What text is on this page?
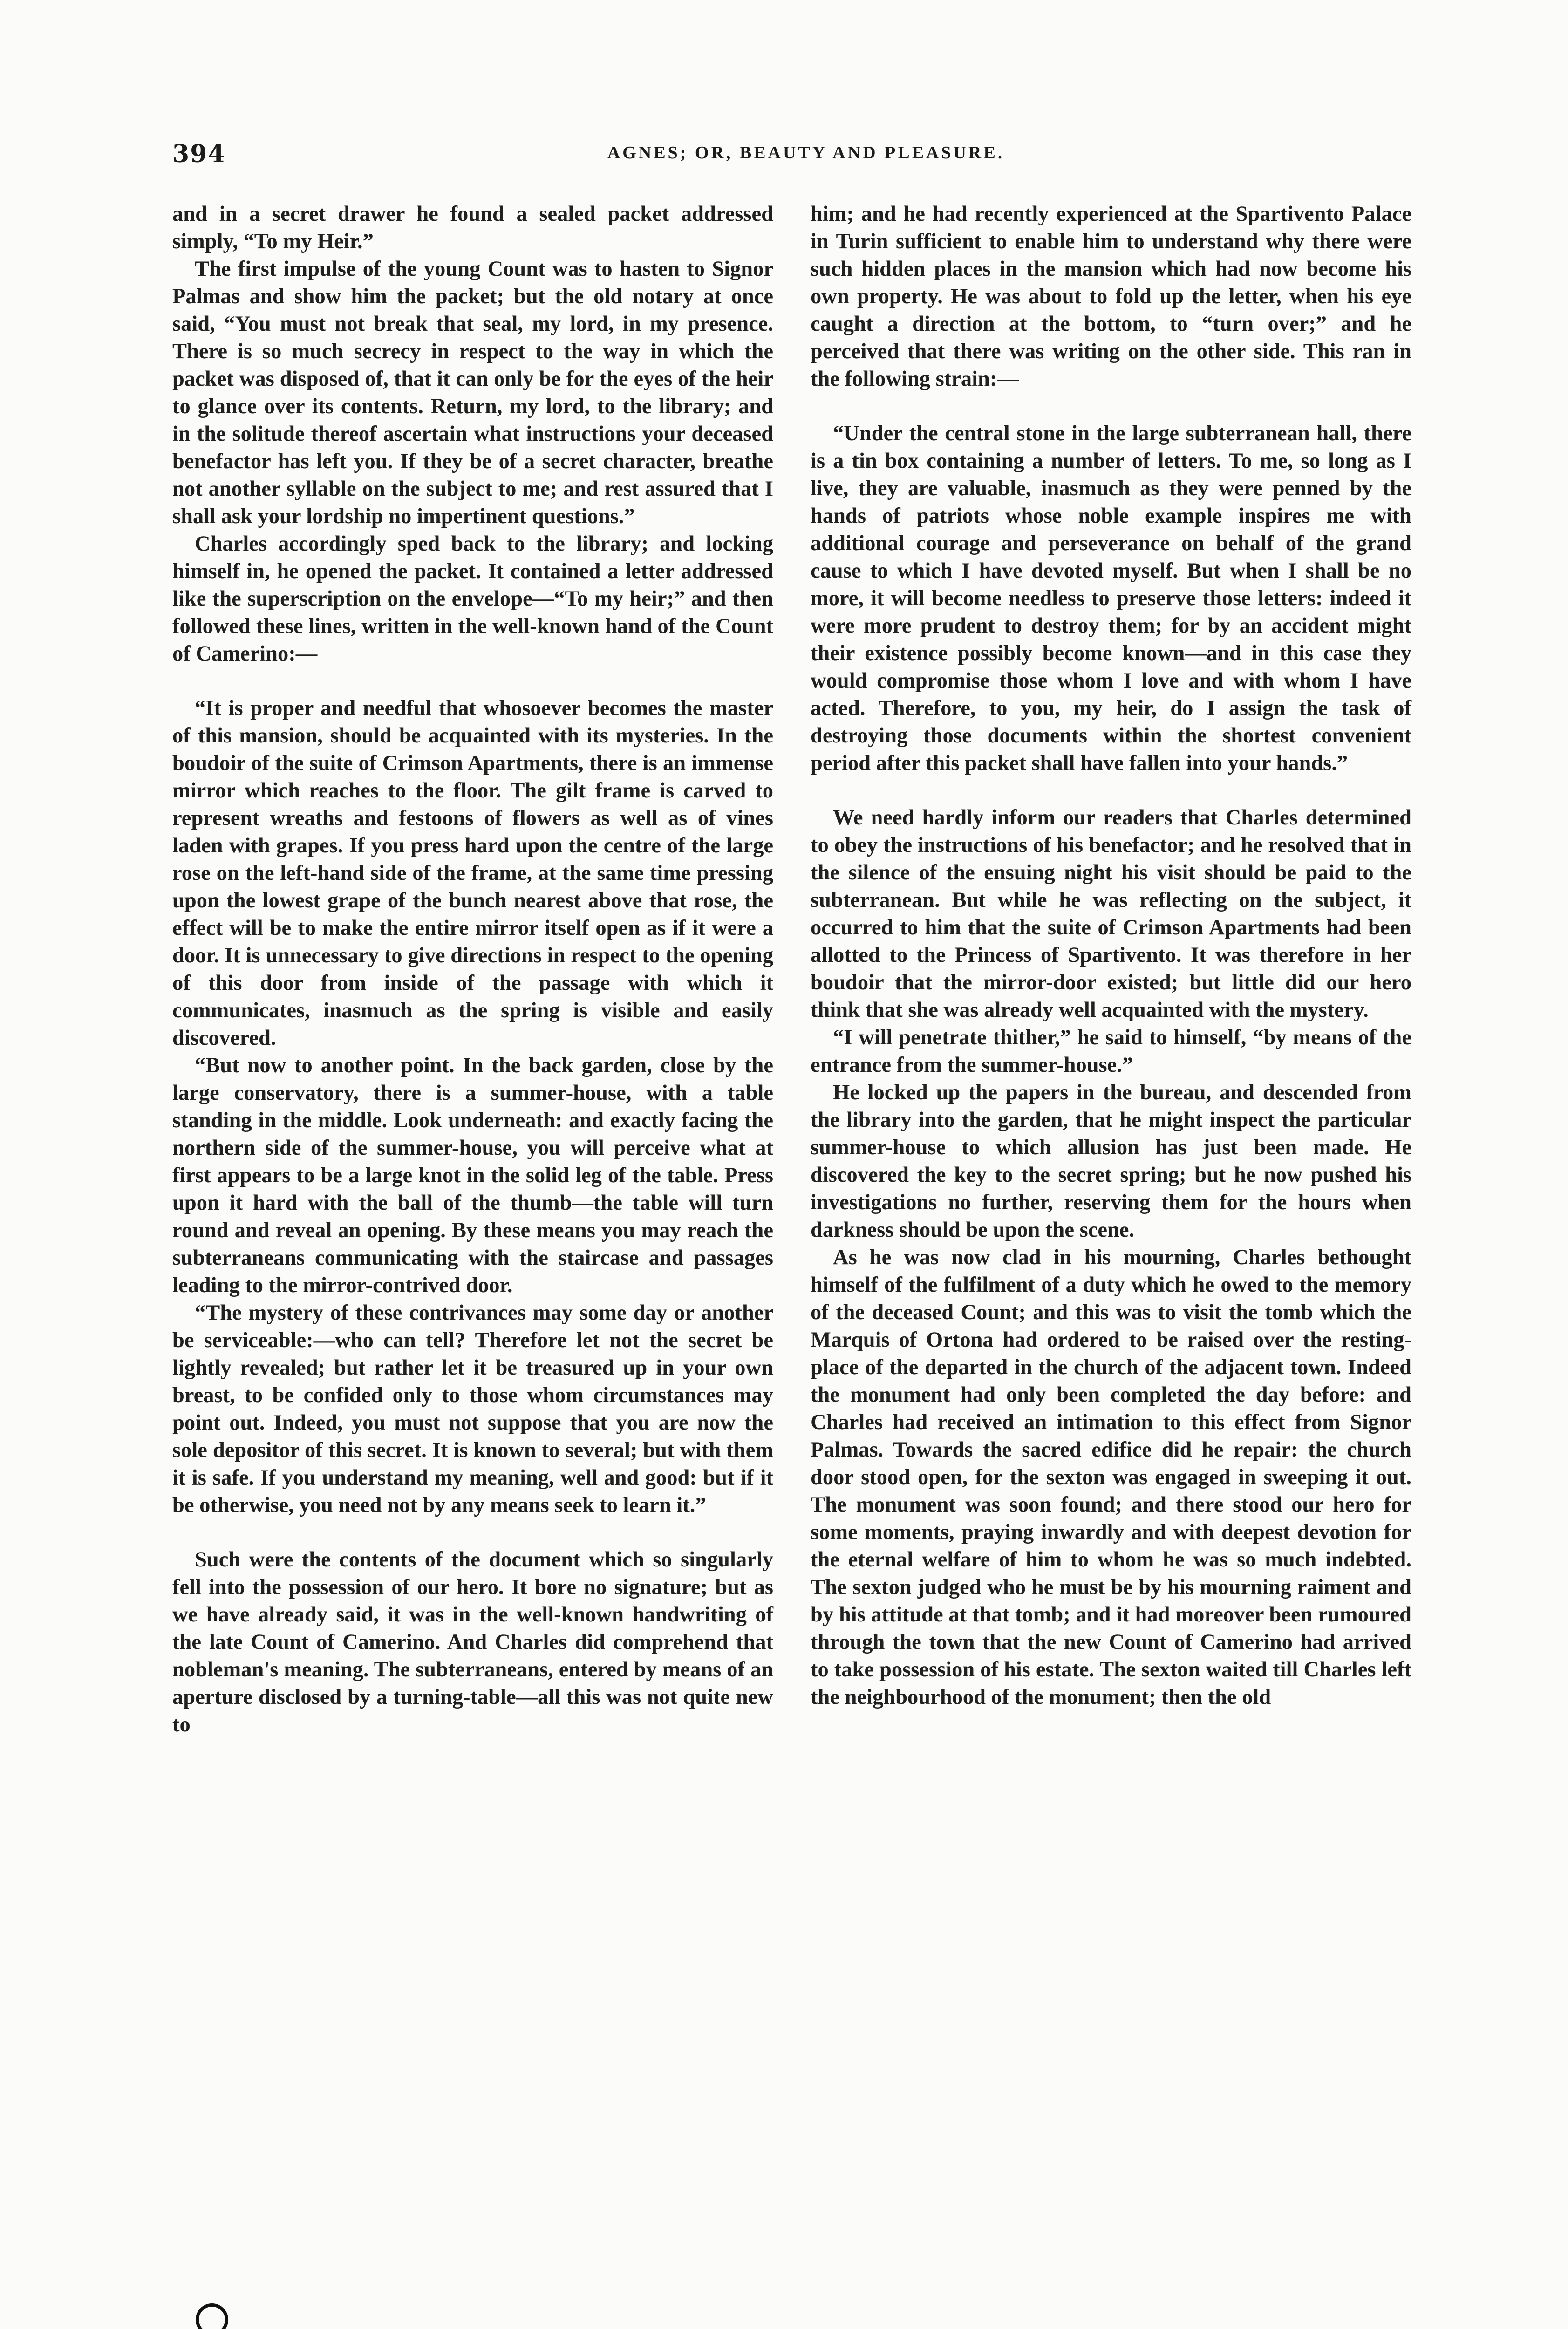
394	AGNES; OR, BEAUTY AND PLEASURE.

and in a secret drawer he found a sealed packet addressed simply, “To my Heir.”

The first impulse of the young Count was to hasten to Signor Palmas and show him the packet; but the old notary at once said, “You must not break that seal, my lord, in my presence. There is so much secrecy in respect to the way in which the packet was disposed of, that it can only be for the eyes of the heir to glance over its contents. Return, my lord, to the library; and in the solitude thereof ascertain what instructions your deceased benefactor has left you. If they be of a secret character, breathe not another syllable on the subject to me; and rest assured that I shall ask your lordship no impertinent questions.”

Charles accordingly sped back to the library; and locking himself in, he opened the packet. It contained a letter addressed like the superscription on the envelope—“To my heir;” and then followed these lines, written in the well-known hand of the Count of Camerino:—

“It is proper and needful that whosoever becomes the master of this mansion, should be acquainted with its mysteries. In the boudoir of the suite of Crimson Apartments, there is an immense mirror which reaches to the floor. The gilt frame is carved to represent wreaths and festoons of flowers as well as of vines laden with grapes. If you press hard upon the centre of the large rose on the left-hand side of the frame, at the same time pressing upon the lowest grape of the bunch nearest above that rose, the effect will be to make the entire mirror itself open as if it were a door. It is unnecessary to give directions in respect to the opening of this door from inside of the passage with which it communicates, inasmuch as the spring is visible and easily discovered.

“But now to another point. In the back garden, close by the large conservatory, there is a summer-house, with a table standing in the middle. Look underneath: and exactly facing the northern side of the summer-house, you will perceive what at first appears to be a large knot in the solid leg of the table. Press upon it hard with the ball of the thumb—the table will turn round and reveal an opening. By these means you may reach the subterraneans communicating with the staircase and passages leading to the mirror-contrived door.

“The mystery of these contrivances may some day or another be serviceable:—who can tell? Therefore let not the secret be lightly revealed; but rather let it be treasured up in your own breast, to be confided only to those whom circumstances may point out. Indeed, you must not suppose that you are now the sole depositor of this secret. It is known to several; but with them it is safe. If you understand my meaning, well and good: but if it be otherwise, you need not by any means seek to learn it.”

Such were the contents of the document which so singularly fell into the possession of our hero. It bore no signature; but as we have already said, it was in the well-known handwriting of the late Count of Camerino. And Charles did comprehend that nobleman's meaning. The subterraneans, entered by means of an aperture disclosed by a turning-table—all this was not quite new to

him; and he had recently experienced at the Spartivento Palace in Turin sufficient to enable him to understand why there were such hidden places in the mansion which had now become his own property. He was about to fold up the letter, when his eye caught a direction at the bottom, to “turn over;” and he perceived that there was writing on the other side. This ran in the following strain:—

“Under the central stone in the large subterranean hall, there is a tin box containing a number of letters. To me, so long as I live, they are valuable, inasmuch as they were penned by the hands of patriots whose noble example inspires me with additional courage and perseverance on behalf of the grand cause to which I have devoted myself. But when I shall be no more, it will become needless to preserve those letters: indeed it were more prudent to destroy them; for by an accident might their existence possibly become known—and in this case they would compromise those whom I love and with whom I have acted. Therefore, to you, my heir, do I assign the task of destroying those documents within the shortest convenient period after this packet shall have fallen into your hands.”

We need hardly inform our readers that Charles determined to obey the instructions of his benefactor; and he resolved that in the silence of the ensuing night his visit should be paid to the subterranean. But while he was reflecting on the subject, it occurred to him that the suite of Crimson Apartments had been allotted to the Princess of Spartivento. It was therefore in her boudoir that the mirror-door existed; but little did our hero think that she was already well acquainted with the mystery.

“I will penetrate thither,” he said to himself, “by means of the entrance from the summer-house.”

He locked up the papers in the bureau, and descended from the library into the garden, that he might inspect the particular summer-house to which allusion has just been made. He discovered the key to the secret spring; but he now pushed his investigations no further, reserving them for the hours when darkness should be upon the scene.

As he was now clad in his mourning, Charles bethought himself of the fulfilment of a duty which he owed to the memory of the deceased Count; and this was to visit the tomb which the Marquis of Ortona had ordered to be raised over the resting-place of the departed in the church of the adjacent town. Indeed the monument had only been completed the day before: and Charles had received an intimation to this effect from Signor Palmas. Towards the sacred edifice did he repair: the church door stood open, for the sexton was engaged in sweeping it out. The monument was soon found; and there stood our hero for some moments, praying inwardly and with deepest devotion for the eternal welfare of him to whom he was so much indebted. The sexton judged who he must be by his mourning raiment and by his attitude at that tomb; and it had moreover been rumoured through the town that the new Count of Camerino had arrived to take possession of his estate. The sexton waited till Charles left the neighbourhood of the monument; then the old
